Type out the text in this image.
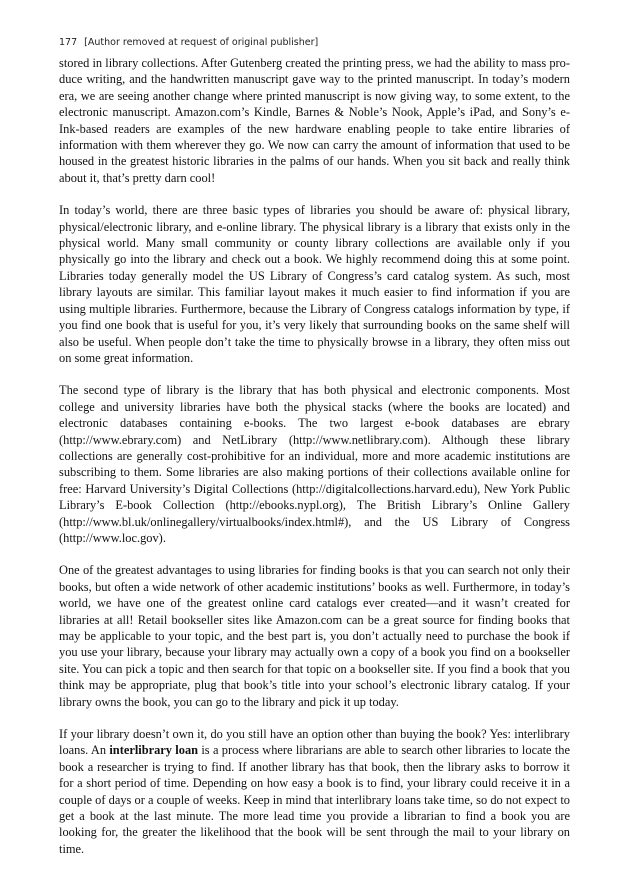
177 [Author removed at request of original publisher]

stored in library collections. After Gutenberg created the printing press, we had the ability to mass produce writing, and the handwritten manuscript gave way to the printed manuscript. In today’s modern era, we are seeing another change where printed manuscript is now giving way, to some extent, to the electronic manuscript. Amazon.com’s Kindle, Barnes & Noble’s Nook, Apple’s iPad, and Sony’s e-Ink-based readers are examples of the new hardware enabling people to take entire libraries of information with them wherever they go. We now can carry the amount of information that used to be housed in the greatest historic libraries in the palms of our hands. When you sit back and really think about it, that’s pretty darn cool!

In today’s world, there are three basic types of libraries you should be aware of: physical library, physical/electronic library, and e-online library. The physical library is a library that exists only in the physical world. Many small community or county library collections are available only if you physically go into the library and check out a book. We highly recommend doing this at some point. Libraries today generally model the US Library of Congress’s card catalog system. As such, most library layouts are similar. This familiar layout makes it much easier to find information if you are using multiple libraries. Furthermore, because the Library of Congress catalogs information by type, if you find one book that is useful for you, it’s very likely that surrounding books on the same shelf will also be useful. When people don’t take the time to physically browse in a library, they often miss out on some great information.

The second type of library is the library that has both physical and electronic components. Most college and university libraries have both the physical stacks (where the books are located) and electronic databases containing e-books. The two largest e-book databases are ebrary (http://www.ebrary.com) and NetLibrary (http://www.netlibrary.com). Although these library collections are generally cost-prohibitive for an individual, more and more academic institutions are subscribing to them. Some libraries are also making portions of their collections available online for free: Harvard University’s Digital Collections (http://digitalcollections.harvard.edu), New York Public Library’s E-book Collection (http://ebooks.nypl.org), The British Library’s Online Gallery (http://www.bl.uk/onlinegallery/virtualbooks/index.html#), and the US Library of Congress (http://www.loc.gov).

One of the greatest advantages to using libraries for finding books is that you can search not only their books, but often a wide network of other academic institutions’ books as well. Furthermore, in today’s world, we have one of the greatest online card catalogs ever created—and it wasn’t created for libraries at all! Retail bookseller sites like Amazon.com can be a great source for finding books that may be applicable to your topic, and the best part is, you don’t actually need to purchase the book if you use your library, because your library may actually own a copy of a book you find on a bookseller site. You can pick a topic and then search for that topic on a bookseller site. If you find a book that you think may be appropriate, plug that book’s title into your school’s electronic library catalog. If your library owns the book, you can go to the library and pick it up today.

If your library doesn’t own it, do you still have an option other than buying the book? Yes: interlibrary loans. An interlibrary loan is a process where librarians are able to search other libraries to locate the book a researcher is trying to find. If another library has that book, then the library asks to borrow it for a short period of time. Depending on how easy a book is to find, your library could receive it in a couple of days or a couple of weeks. Keep in mind that interlibrary loans take time, so do not expect to get a book at the last minute. The more lead time you provide a librarian to find a book you are looking for, the greater the likelihood that the book will be sent through the mail to your library on time.
